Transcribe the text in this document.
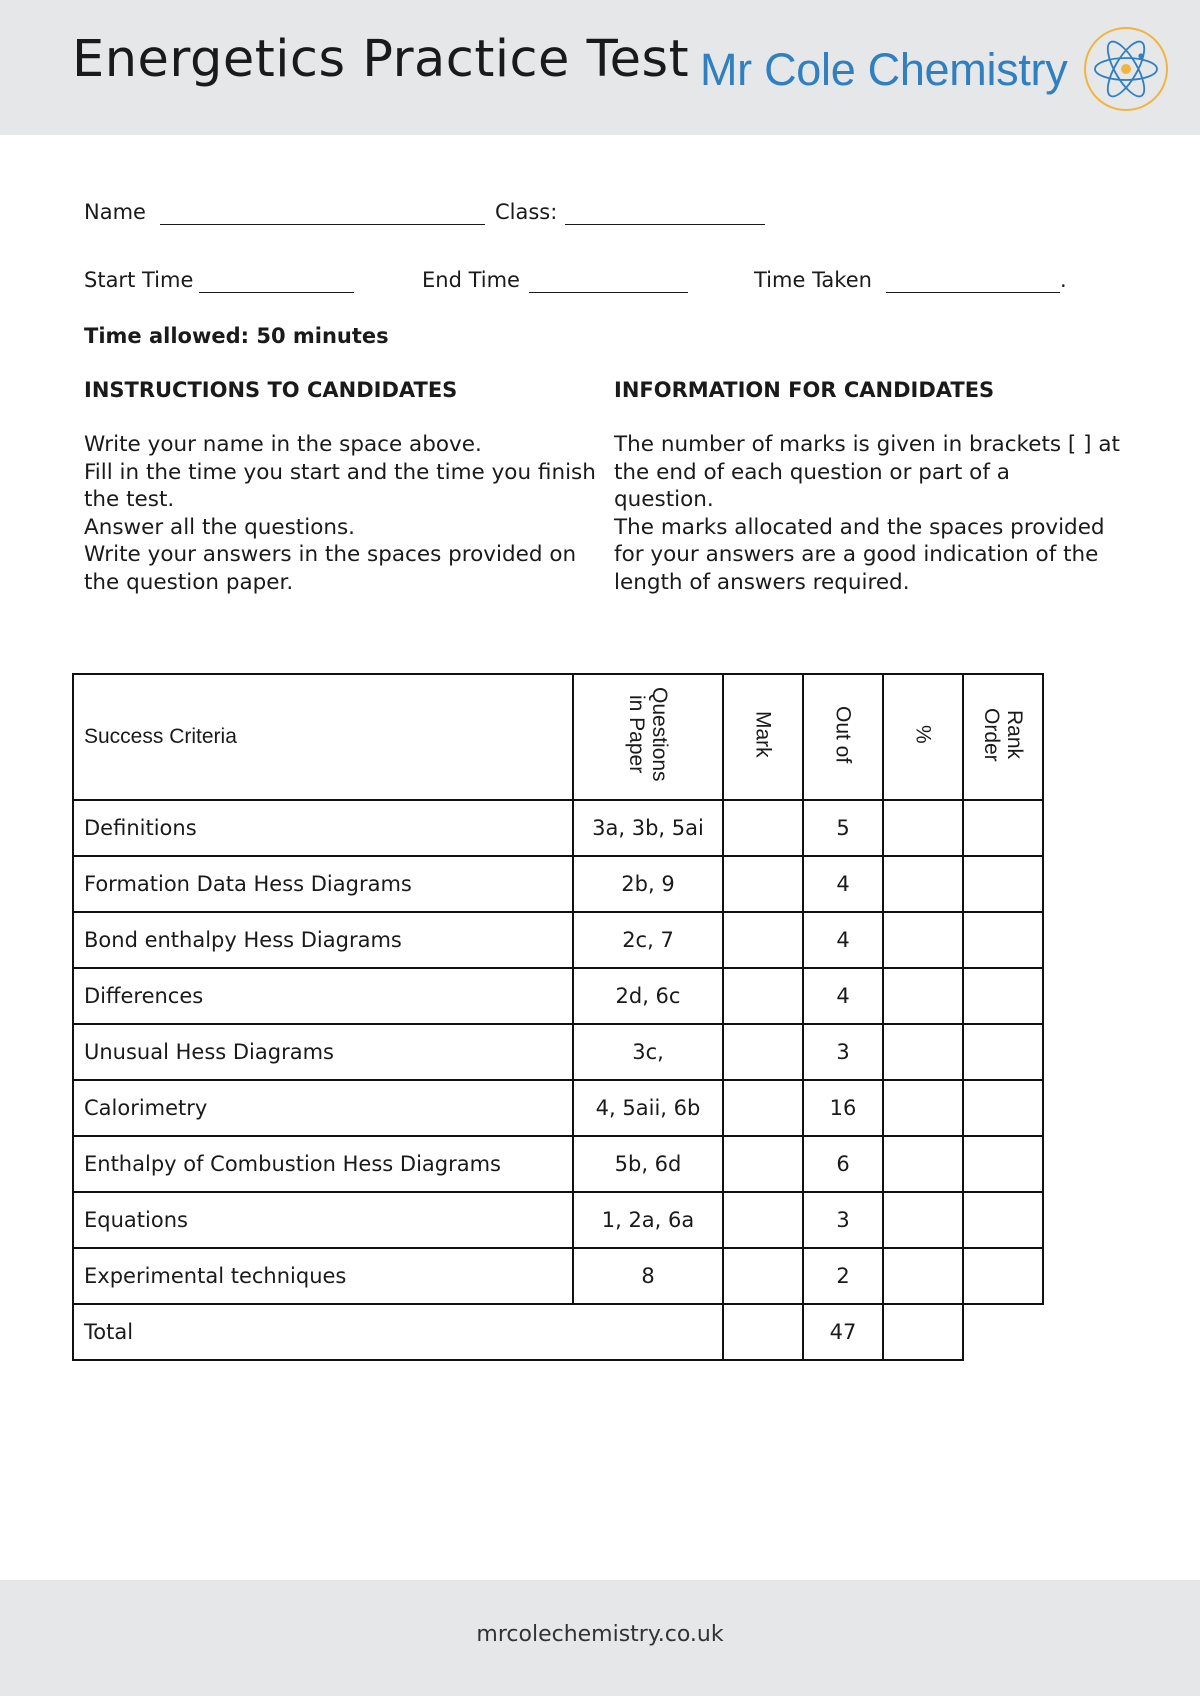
Energetics Practice Test Mr Cole Chemistry
Name	Class:
Start Time	End Time	Time Taken	.
Time allowed: 50 minutes
INSTRUCTIONS TO CANDIDATES	INFORMATION FOR CANDIDATES
Write your name in the space above.
Fill in the time you start and the time you finish
the test.
Answer all the questions.
Write your answers in the spaces provided on
the question paper.
The number of marks is given in brackets [ ] at
the end of each question or part of a
question.
The marks allocated and the spaces provided
for your answers are a good indication of the
length of answers required.
Success Criteria	Questions in Paper	Mark	Out of	%	Rank Order
Definitions	3a, 3b, 5ai		5		
Formation Data Hess Diagrams	2b, 9		4		
Bond enthalpy Hess Diagrams	2c, 7		4		
Differences	2d, 6c		4		
Unusual Hess Diagrams	3c,		3		
Calorimetry	4, 5aii, 6b		16		
Enthalpy of Combustion Hess Diagrams	5b, 6d		6		
Equations	1, 2a, 6a		3		
Experimental techniques	8		2		
Total			47		
mrcolechemistry.co.uk
